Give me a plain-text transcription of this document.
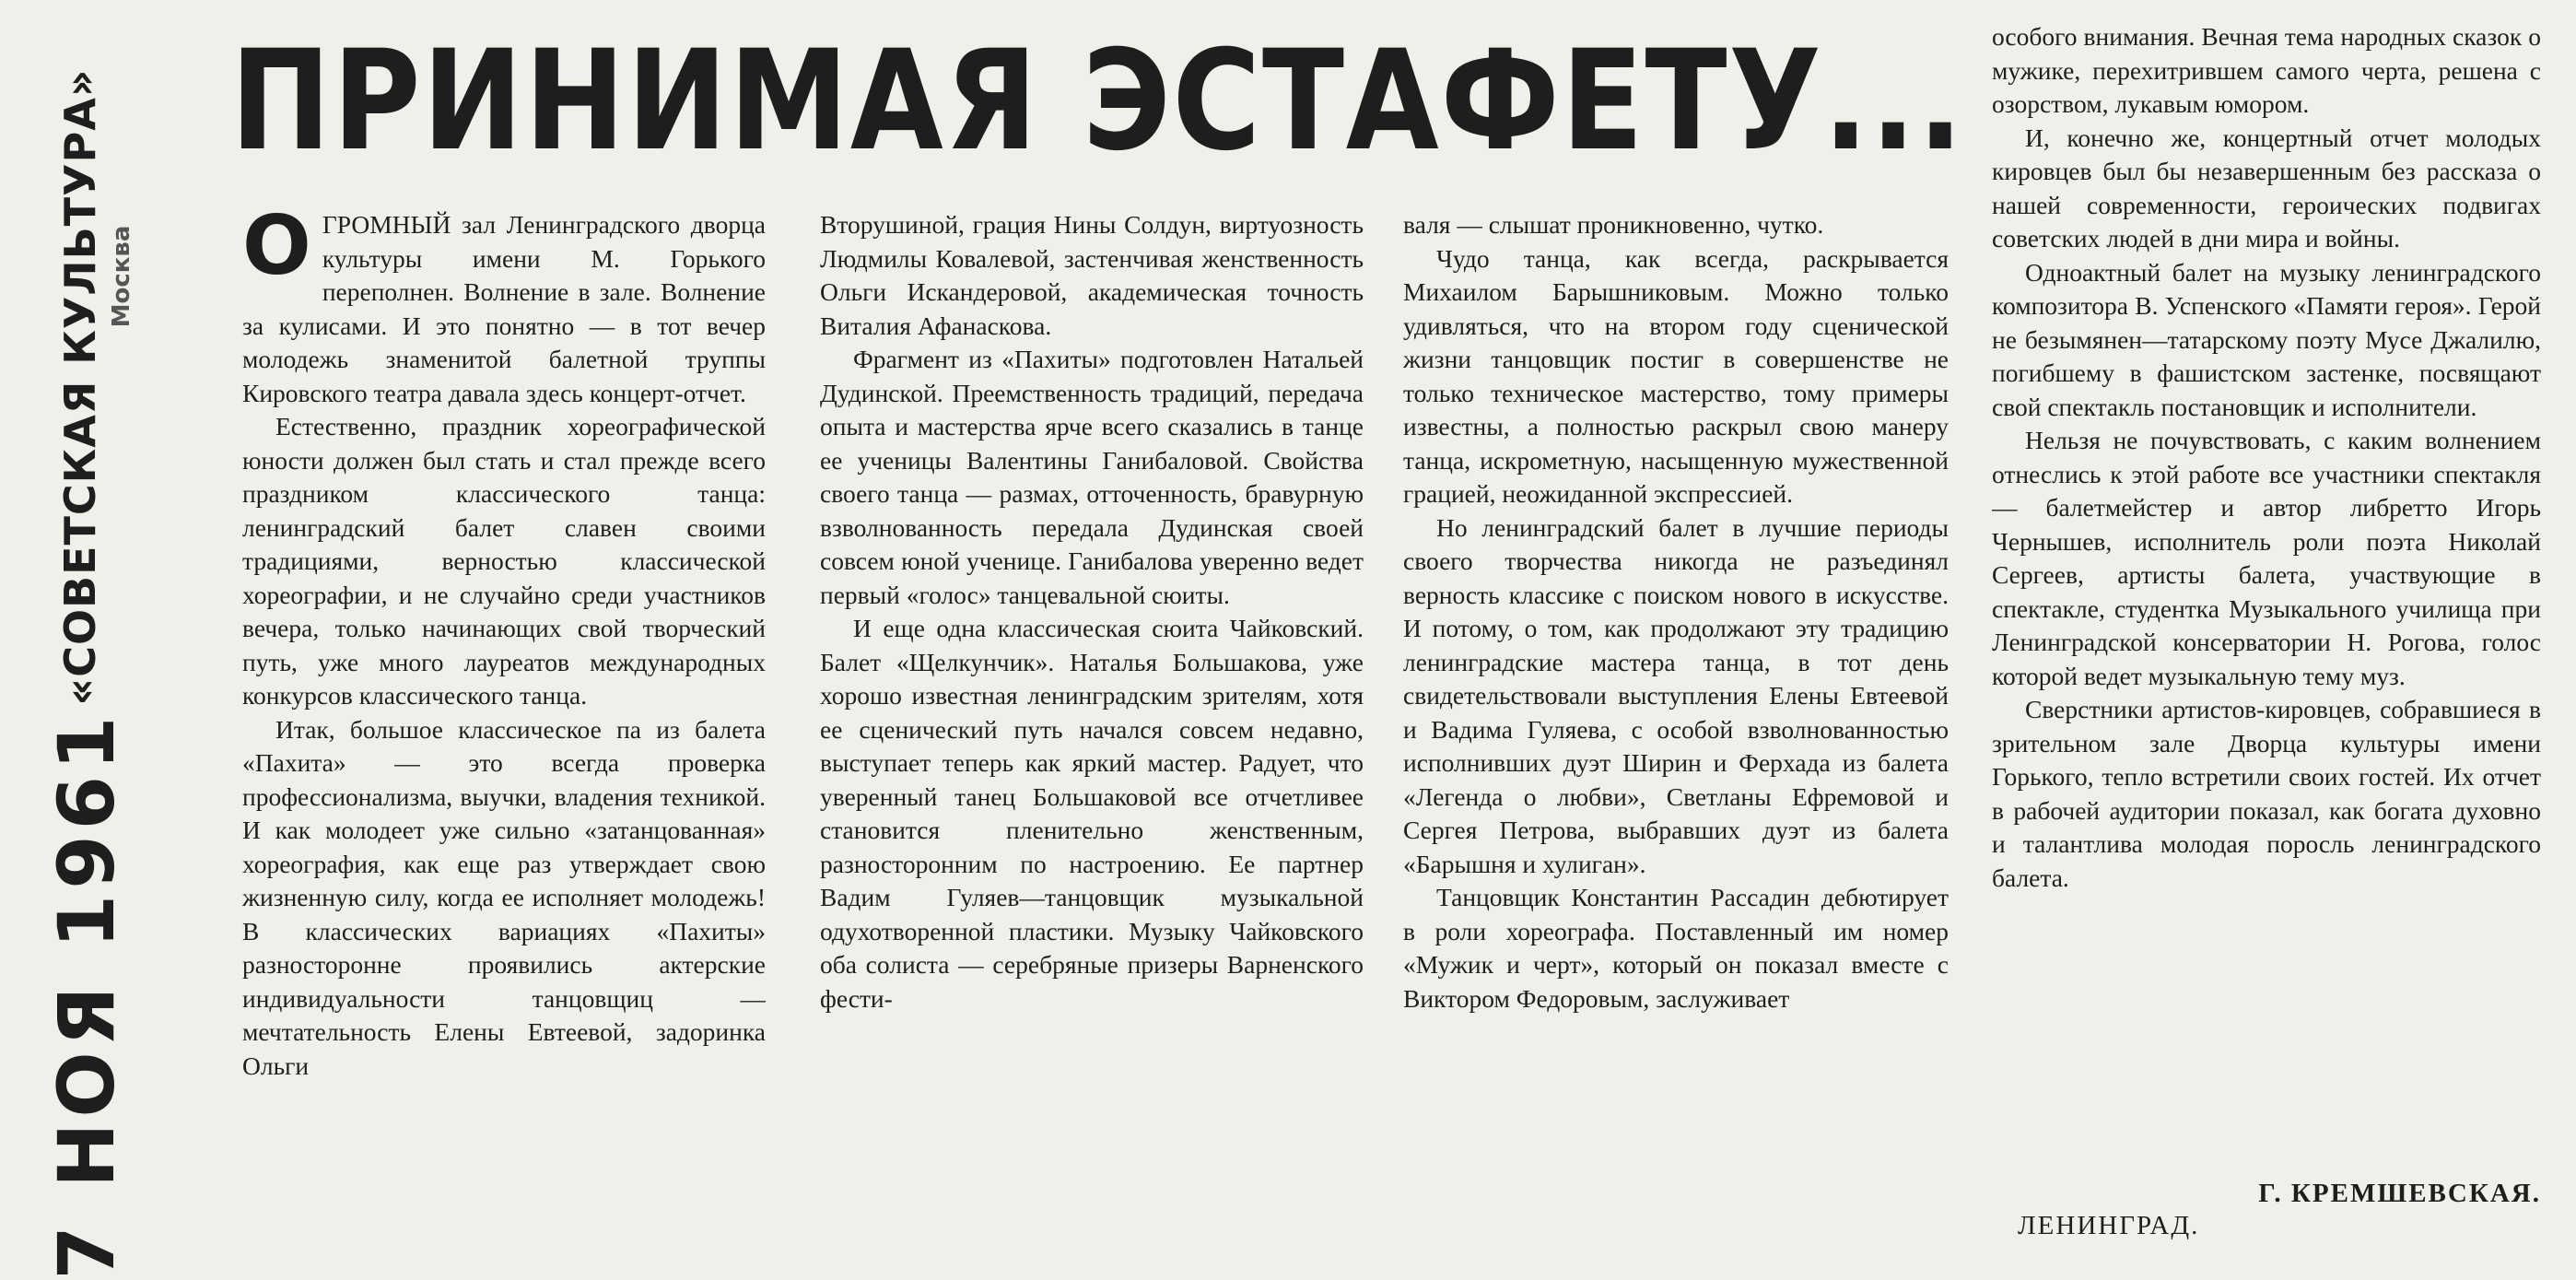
«СОВЕТСКАЯ КУЛЬТУРА» Москва
7 НОЯ 1961
ПРИНИМАЯ ЭСТАФЕТУ...
О ГРОМНЫЙ зал Ленинградского дворца культуры имени М. Горького переполнен. Волнение в зале. Волнение за кулисами. И это понятно — в тот вечер молодежь знаменитой балетной труппы Кировского театра давала здесь концерт-отчет.

Естественно, праздник хореографической юности должен был стать и стал прежде всего праздником классического танца: ленинградский балет славен своими традициями, верностью классической хореографии, и не случайно среди участников вечера, только начинающих свой творческий путь, уже много лауреатов международных конкурсов классического танца.

Итак, большое классическое па из балета «Пахита» — это всегда проверка профессионализма, выучки, владения техникой. И как молодеет уже сильно «затанцованная» хореография, как еще раз утверждает свою жизненную силу, когда ее исполняет молодежь! В классических вариациях «Пахиты» разносторонне проявились актерские индивидуальности танцовщиц — мечтательность Елены Евтеевой, задоринка Ольги

Вторушиной, грация Нины Солдун, виртуозность Людмилы Ковалевой, застенчивая женственность Ольги Искандеровой, академическая точность Виталия Афанаскова.

Фрагмент из «Пахиты» подготовлен Натальей Дудинской. Преемственность традиций, передача опыта и мастерства ярче всего сказались в танце ее ученицы Валентины Ганибаловой. Свойства своего танца — размах, отточенность, бравурную взволнованность передала Дудинская своей совсем юной ученице. Ганибалова уверенно ведет первый «голос» танцевальной сюиты.

И еще одна классическая сюита Чайковский. Балет «Щелкунчик». Наталья Большакова, уже хорошо известная ленинградским зрителям, хотя ее сценический путь начался совсем недавно, выступает теперь как яркий мастер. Радует, что уверенный танец Большаковой все отчетливее становится пленительно женственным, разносторонним по настроению. Ее партнер Вадим Гуляев—танцовщик музыкальной одухотворенной пластики. Музыку Чайковского оба солиста — серебряные призеры Варненского фести-

валя — слышат проникновенно, чутко.

Чудо танца, как всегда, раскрывается Михаилом Барышниковым. Можно только удивляться, что на втором году сценической жизни танцовщик постиг в совершенстве не только техническое мастерство, тому примеры известны, а полностью раскрыл свою манеру танца, искрометную, насыщенную мужественной грацией, неожиданной экспрессией.

Но ленинградский балет в лучшие периоды своего творчества никогда не разъединял верность классике с поиском нового в искусстве. И потому, о том, как продолжают эту традицию ленинградские мастера танца, в тот день свидетельствовали выступления Елены Евтеевой и Вадима Гуляева, с особой взволнованностью исполнивших дуэт Ширин и Ферхада из балета «Легенда о любви», Светланы Ефремовой и Сергея Петрова, выбравших дуэт из балета «Барышня и хулиган».

Танцовщик Константин Рассадин дебютирует в роли хореографа. Поставленный им номер «Мужик и черт», который он показал вместе с Виктором Федоровым, заслуживает

особого внимания. Вечная тема народных сказок о мужике, перехитрившем самого черта, решена с озорством, лукавым юмором.

И, конечно же, концертный отчет молодых кировцев был бы незавершенным без рассказа о нашей современности, героических подвигах советских людей в дни мира и войны.

Одноактный балет на музыку ленинградского композитора В. Успенского «Памяти героя». Герой не безымянен—татарскому поэту Мусе Джалилю, погибшему в фашистском застенке, посвящают свой спектакль постановщик и исполнители.

Нельзя не почувствовать, с каким волнением отнеслись к этой работе все участники спектакля — балетмейстер и автор либретто Игорь Чернышев, исполнитель роли поэта Николай Сергеев, артисты балета, участвующие в спектакле, студентка Музыкального училища при Ленинградской консерватории Н. Рогова, голос которой ведет музыкальную тему муз.

Сверстники артистов-кировцев, собравшиеся в зрительном зале Дворца культуры имени Горького, тепло встретили своих гостей. Их отчет в рабочей аудитории показал, как богата духовно и талантлива молодая поросль ленинградского балета.

Г. КРЕМШЕВСКАЯ.
ЛЕНИНГРАД.
